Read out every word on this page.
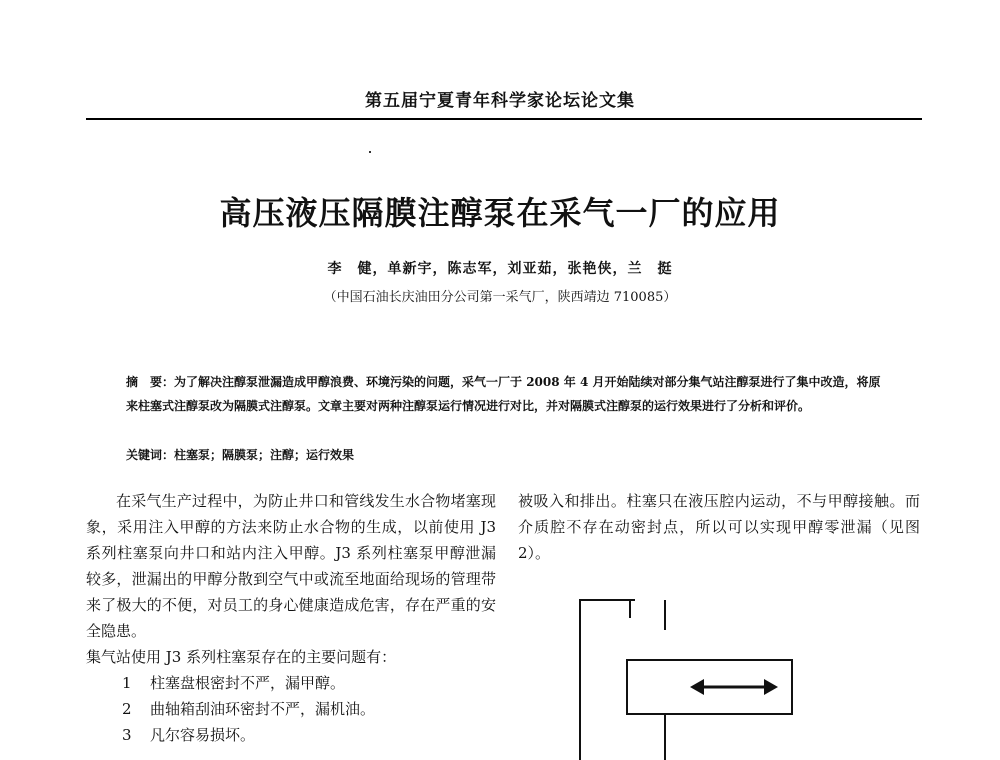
第五届宁夏青年科学家论坛论文集
高压液压隔膜注醇泵在采气一厂的应用
李　健，单新宇，陈志军，刘亚茹，张艳侠，兰　挺
（中国石油长庆油田分公司第一采气厂，陕西靖边 710085）
摘　要：为了解决注醇泵泄漏造成甲醇浪费、环境污染的问题，采气一厂于 2008 年 4 月开始陆续对部分集气站注醇泵进行了集中改造，将原来柱塞式注醇泵改为隔膜式注醇泵。文章主要对两种注醇泵运行情况进行对比，并对隔膜式注醇泵的运行效果进行了分析和评价。
关键词：柱塞泵；隔膜泵；注醇；运行效果

在采气生产过程中，为防止井口和管线发生水合物堵塞现象，采用注入甲醇的方法来防止水合物的生成，以前使用 J3 系列柱塞泵向井口和站内注入甲醇。J3 系列柱塞泵甲醇泄漏较多，泄漏出的甲醇分散到空气中或流至地面给现场的管理带来了极大的不便，对员工的身心健康造成危害，存在严重的安全隐患。

集气站使用 J3 系列柱塞泵存在的主要问题有：

1 柱塞盘根密封不严，漏甲醇。
2 曲轴箱刮油环密封不严，漏机油。
3 凡尔容易损坏。

被吸入和排出。柱塞只在液压腔内运动，不与甲醇接触。而介质腔不存在动密封点，所以可以实现甲醇零泄漏（见图 2）。
